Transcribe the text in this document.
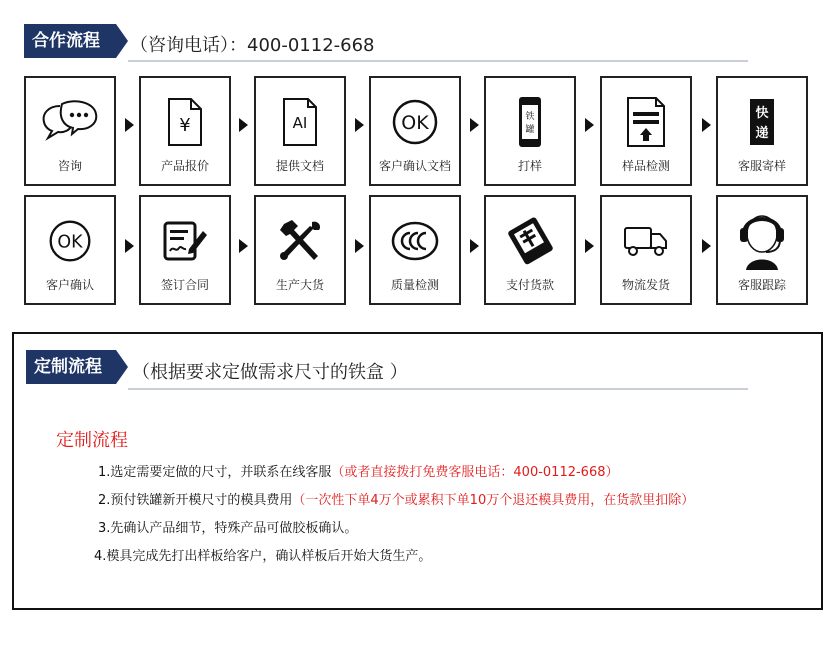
合作流程	（咨询电话）：400-0112-668
咨询
¥
产品报价
AI
提供文档
OK
客户确认文档
铁
罐
打样	样品检测
快
递
客服寄样
OK
客户确认	签订合同	生产大货	质量检测	支付货款	物流发货	客服跟踪
定制流程	（根据要求定做需求尺寸的铁盒 ）
定制流程
1.选定需要定做的尺寸，并联系在线客服（或者直接拨打免费客服电话：400-0112-668）
2.预付铁罐新开模尺寸的模具费用（一次性下单4万个或累积下单10万个退还模具费用，在货款里扣除）
3.先确认产品细节，特殊产品可做胶板确认。
4.模具完成先打出样板给客户，确认样板后开始大货生产。
